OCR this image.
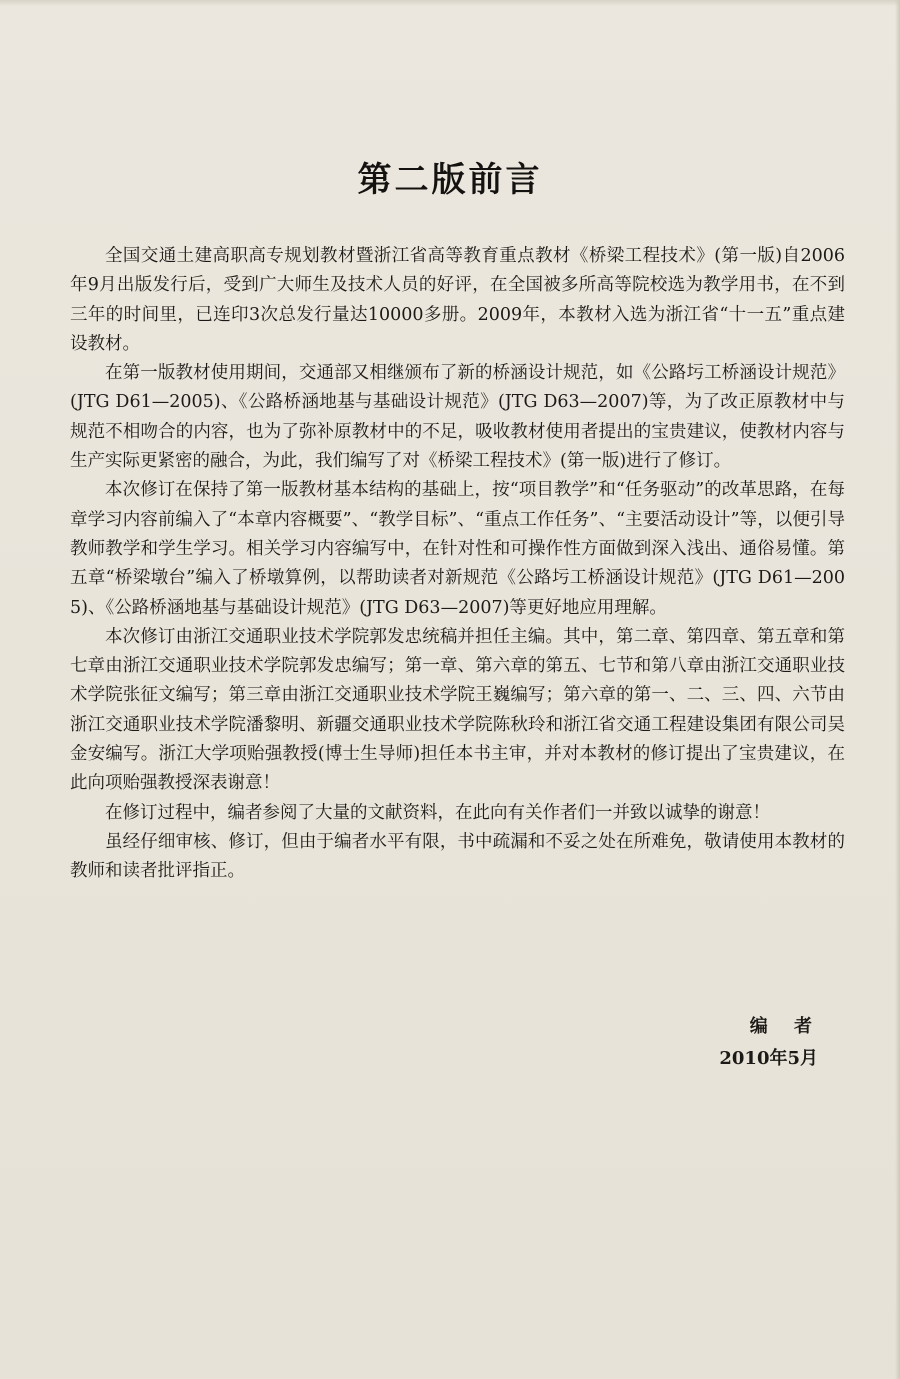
第二版前言

全国交通土建高职高专规划教材暨浙江省高等教育重点教材《桥梁工程技术》(第一版)自2006年9月出版发行后，受到广大师生及技术人员的好评，在全国被多所高等院校选为教学用书，在不到三年的时间里，已连印3次总发行量达10000多册。2009年，本教材入选为浙江省“十一五”重点建设教材。

在第一版教材使用期间，交通部又相继颁布了新的桥涵设计规范，如《公路圬工桥涵设计规范》(JTG D61—2005)、《公路桥涵地基与基础设计规范》(JTG D63—2007)等，为了改正原教材中与规范不相吻合的内容，也为了弥补原教材中的不足，吸收教材使用者提出的宝贵建议，使教材内容与生产实际更紧密的融合，为此，我们编写了对《桥梁工程技术》(第一版)进行了修订。

本次修订在保持了第一版教材基本结构的基础上，按“项目教学”和“任务驱动”的改革思路，在每章学习内容前编入了“本章内容概要”、“教学目标”、“重点工作任务”、“主要活动设计”等，以便引导教师教学和学生学习。相关学习内容编写中，在针对性和可操作性方面做到深入浅出、通俗易懂。第五章“桥梁墩台”编入了桥墩算例，以帮助读者对新规范《公路圬工桥涵设计规范》(JTG D61—2005)、《公路桥涵地基与基础设计规范》(JTG D63—2007)等更好地应用理解。

本次修订由浙江交通职业技术学院郭发忠统稿并担任主编。其中，第二章、第四章、第五章和第七章由浙江交通职业技术学院郭发忠编写；第一章、第六章的第五、七节和第八章由浙江交通职业技术学院张征文编写；第三章由浙江交通职业技术学院王巍编写；第六章的第一、二、三、四、六节由浙江交通职业技术学院潘黎明、新疆交通职业技术学院陈秋玲和浙江省交通工程建设集团有限公司吴金安编写。浙江大学项贻强教授(博士生导师)担任本书主审，并对本教材的修订提出了宝贵建议，在此向项贻强教授深表谢意！

在修订过程中，编者参阅了大量的文献资料，在此向有关作者们一并致以诚挚的谢意！

虽经仔细审核、修订，但由于编者水平有限，书中疏漏和不妥之处在所难免，敬请使用本教材的教师和读者批评指正。

编 者

2010年5月
